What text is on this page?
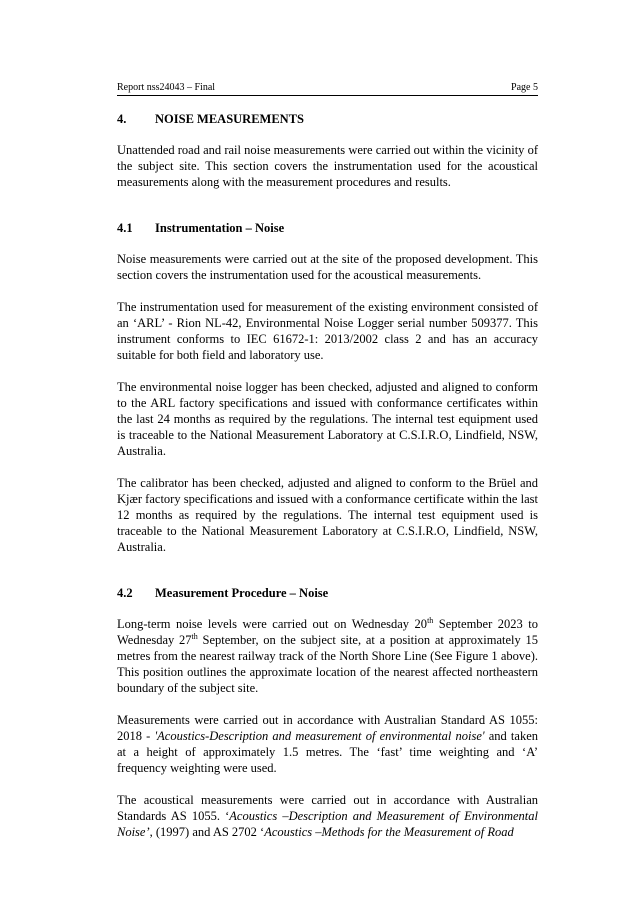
Report nss24043 – Final	Page 5
4.	NOISE MEASUREMENTS

Unattended road and rail noise measurements were carried out within the vicinity of the subject site. This section covers the instrumentation used for the acoustical measurements along with the measurement procedures and results.

4.1	Instrumentation – Noise

Noise measurements were carried out at the site of the proposed development. This section covers the instrumentation used for the acoustical measurements.

The instrumentation used for measurement of the existing environment consisted of an ‘ARL’ - Rion NL-42, Environmental Noise Logger serial number 509377. This instrument conforms to IEC 61672-1: 2013/2002 class 2 and has an accuracy suitable for both field and laboratory use.

The environmental noise logger has been checked, adjusted and aligned to conform to the ARL factory specifications and issued with conformance certificates within the last 24 months as required by the regulations. The internal test equipment used is traceable to the National Measurement Laboratory at C.S.I.R.O, Lindfield, NSW, Australia.

The calibrator has been checked, adjusted and aligned to conform to the Brüel and Kjær factory specifications and issued with a conformance certificate within the last 12 months as required by the regulations. The internal test equipment used is traceable to the National Measurement Laboratory at C.S.I.R.O, Lindfield, NSW, Australia.

4.2	Measurement Procedure – Noise

Long-term noise levels were carried out on Wednesday 20th September 2023 to Wednesday 27th September, on the subject site, at a position at approximately 15 metres from the nearest railway track of the North Shore Line (See Figure 1 above). This position outlines the approximate location of the nearest affected northeastern boundary of the subject site.

Measurements were carried out in accordance with Australian Standard AS 1055: 2018 - 'Acoustics-Description and measurement of environmental noise' and taken at a height of approximately 1.5 metres. The ‘fast’ time weighting and ‘A’ frequency weighting were used.

The acoustical measurements were carried out in accordance with Australian Standards AS 1055. ‘Acoustics –Description and Measurement of Environmental Noise’, (1997) and AS 2702 ‘Acoustics –Methods for the Measurement of Road
